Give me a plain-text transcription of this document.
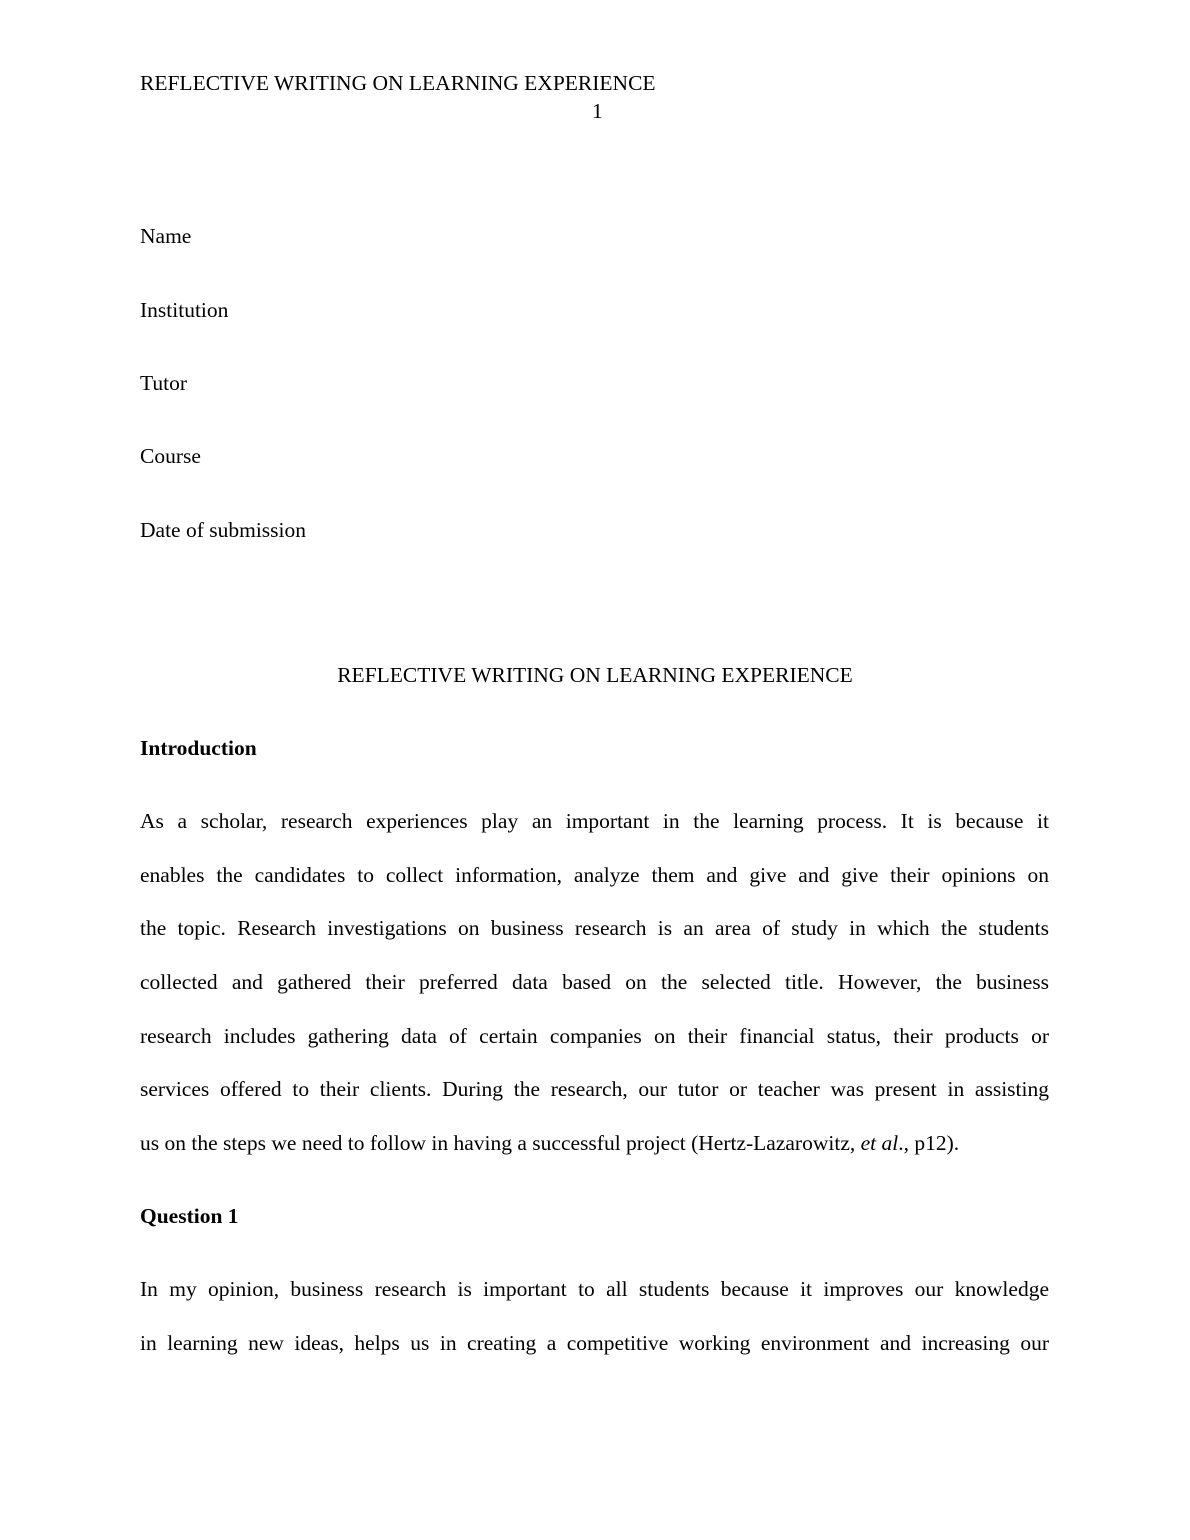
REFLECTIVE WRITING ON LEARNING EXPERIENCE
1
Name
Institution
Tutor
Course
Date of submission
REFLECTIVE WRITING ON LEARNING EXPERIENCE
Introduction
As a scholar, research experiences play an important in the learning process. It is because it
enables the candidates to collect information, analyze them and give and give their opinions on
the topic. Research investigations on business research is an area of study in which the students
collected and gathered their preferred data based on the selected title. However, the business
research includes gathering data of certain companies on their financial status, their products or
services offered to their clients. During the research, our tutor or teacher was present in assisting
us on the steps we need to follow in having a successful project (Hertz-Lazarowitz, et al., p12).
Question 1
In my opinion, business research is important to all students because it improves our knowledge
in learning new ideas, helps us in creating a competitive working environment and increasing our
